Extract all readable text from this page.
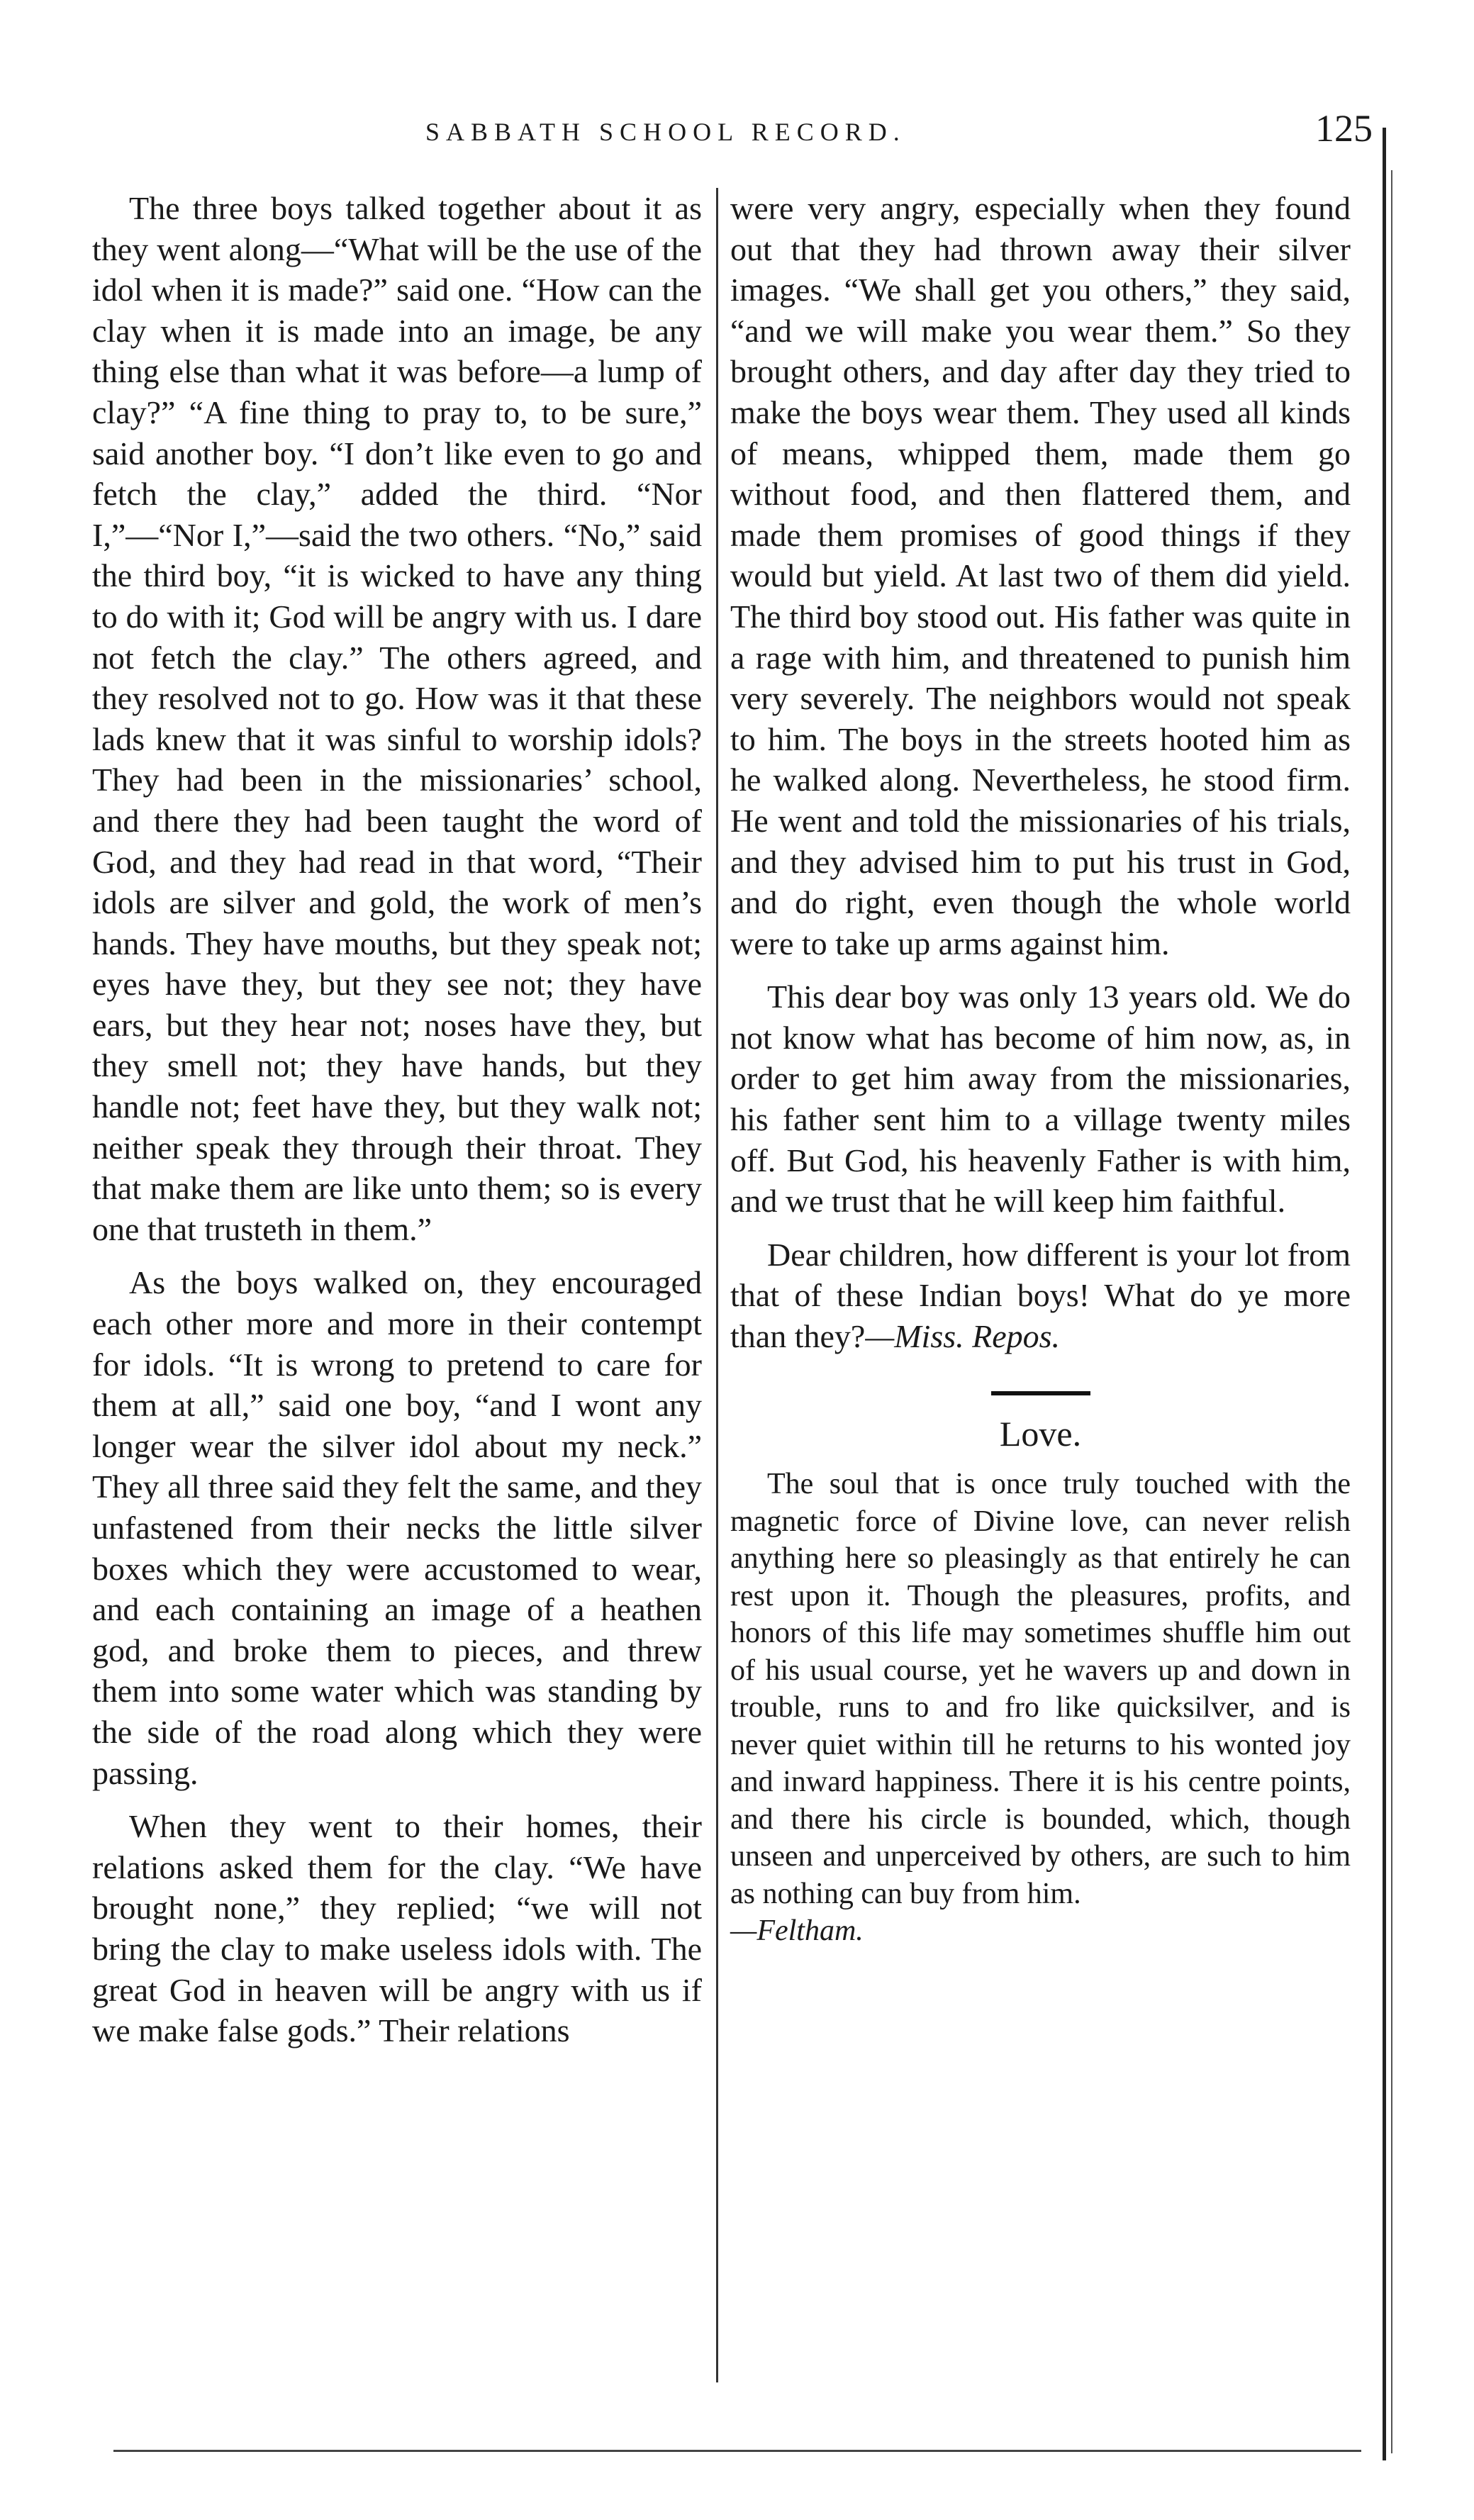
SABBATH SCHOOL RECORD.	125

The three boys talked together about it as they went along—“What will be the use of the idol when it is made?” said one. “How can the clay when it is made into an image, be any thing else than what it was before—a lump of clay?” “A fine thing to pray to, to be sure,” said another boy. “I don’t like even to go and fetch the clay,” added the third. “Nor I,”—“Nor I,”—said the two others. “No,” said the third boy, “it is wicked to have any thing to do with it; God will be angry with us. I dare not fetch the clay.” The others agreed, and they resolved not to go. How was it that these lads knew that it was sinful to worship idols? They had been in the missionaries’ school, and there they had been taught the word of God, and they had read in that word, “Their idols are silver and gold, the work of men’s hands. They have mouths, but they speak not; eyes have they, but they see not; they have ears, but they hear not; noses have they, but they smell not; they have hands, but they handle not; feet have they, but they walk not; neither speak they through their throat. They that make them are like unto them; so is every one that trusteth in them.”

As the boys walked on, they encouraged each other more and more in their contempt for idols. “It is wrong to pretend to care for them at all,” said one boy, “and I wont any longer wear the silver idol about my neck.” They all three said they felt the same, and they unfastened from their necks the little silver boxes which they were accustomed to wear, and each containing an image of a heathen god, and broke them to pieces, and threw them into some water which was standing by the side of the road along which they were passing.

When they went to their homes, their relations asked them for the clay. “We have brought none,” they replied; “we will not bring the clay to make useless idols with. The great God in heaven will be angry with us if we make false gods.” Their relations

were very angry, especially when they found out that they had thrown away their silver images. “We shall get you others,” they said, “and we will make you wear them.” So they brought others, and day after day they tried to make the boys wear them. They used all kinds of means, whipped them, made them go without food, and then flattered them, and made them promises of good things if they would but yield. At last two of them did yield. The third boy stood out. His father was quite in a rage with him, and threatened to punish him very severely. The neighbors would not speak to him. The boys in the streets hooted him as he walked along. Nevertheless, he stood firm. He went and told the missionaries of his trials, and they advised him to put his trust in God, and do right, even though the whole world were to take up arms against him.

This dear boy was only 13 years old. We do not know what has become of him now, as, in order to get him away from the missionaries, his father sent him to a village twenty miles off. But God, his heavenly Father is with him, and we trust that he will keep him faithful.

Dear children, how different is your lot from that of these Indian boys! What do ye more than they?—Miss. Repos.

Love.

The soul that is once truly touched with the magnetic force of Divine love, can never relish anything here so pleasingly as that entirely he can rest upon it. Though the pleasures, profits, and honors of this life may sometimes shuffle him out of his usual course, yet he wavers up and down in trouble, runs to and fro like quicksilver, and is never quiet within till he returns to his wonted joy and inward happiness. There it is his centre points, and there his circle is bounded, which, though unseen and unperceived by others, are such to him as nothing can buy from him.
—Feltham.
